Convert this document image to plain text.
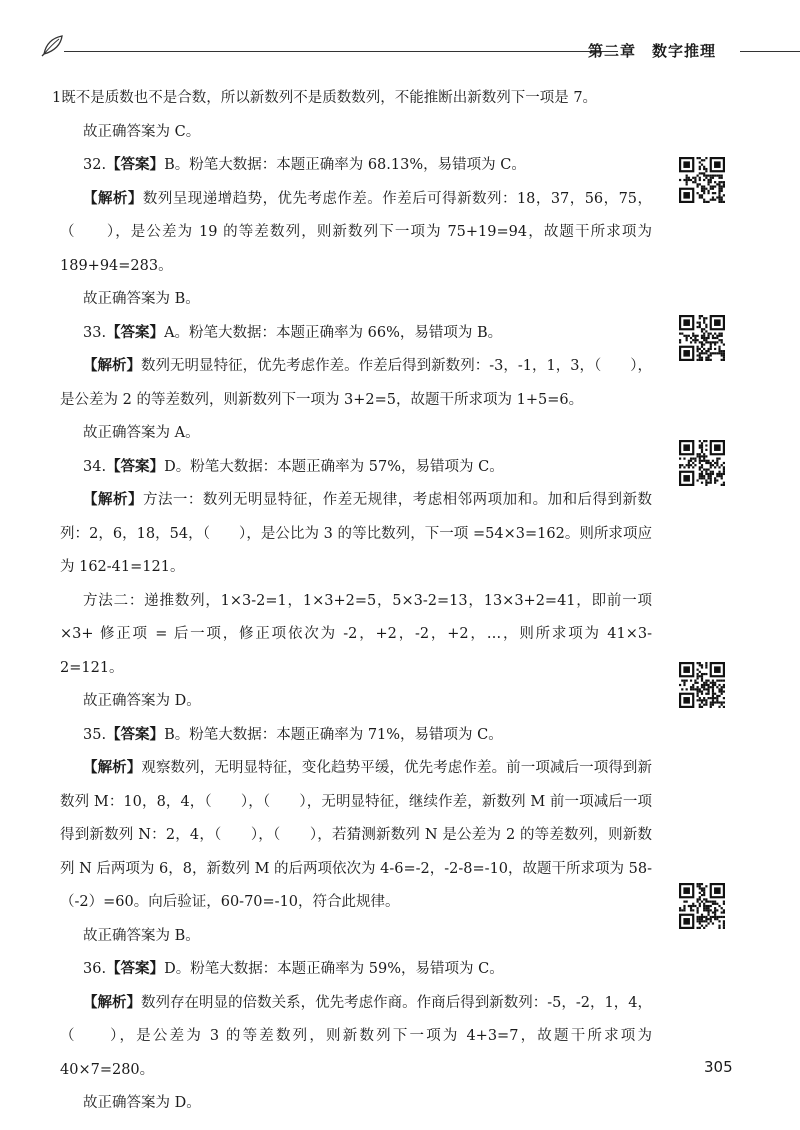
第二章　数字推理

1既不是质数也不是合数，所以新数列不是质数数列，不能推断出新数列下一项是 7。

故正确答案为 C。

32.【答案】B。粉笔大数据：本题正确率为 68.13%，易错项为 C。

【解析】数列呈现递增趋势，优先考虑作差。作差后可得新数列：18，37，56，75，（　　），是公差为 19 的等差数列，则新数列下一项为 75+19=94，故题干所求项为 189+94=283。

故正确答案为 B。

33.【答案】A。粉笔大数据：本题正确率为 66%，易错项为 B。

【解析】数列无明显特征，优先考虑作差。作差后得到新数列：-3，-1，1，3，（　　），是公差为 2 的等差数列，则新数列下一项为 3+2=5，故题干所求项为 1+5=6。

故正确答案为 A。

34.【答案】D。粉笔大数据：本题正确率为 57%，易错项为 C。

【解析】方法一：数列无明显特征，作差无规律，考虑相邻两项加和。加和后得到新数列：2，6，18，54，（　　），是公比为 3 的等比数列，下一项 =54×3=162。则所求项应为 162-41=121。

方法二：递推数列，1×3-2=1，1×3+2=5，5×3-2=13，13×3+2=41，即前一项 ×3+ 修正项 = 后一项，修正项依次为 -2，+2，-2，+2，…，则所求项为 41×3-2=121。

故正确答案为 D。

35.【答案】B。粉笔大数据：本题正确率为 71%，易错项为 C。

【解析】观察数列，无明显特征，变化趋势平缓，优先考虑作差。前一项减后一项得到新数列 M：10，8，4，（　　），（　　），无明显特征，继续作差，新数列 M 前一项减后一项得到新数列 N：2，4，（　　），（　　），若猜测新数列 N 是公差为 2 的等差数列，则新数列 N 后两项为 6，8，新数列 M 的后两项依次为 4-6=-2，-2-8=-10，故题干所求项为 58-（-2）=60。向后验证，60-70=-10，符合此规律。

故正确答案为 B。

36.【答案】D。粉笔大数据：本题正确率为 59%，易错项为 C。

【解析】数列存在明显的倍数关系，优先考虑作商。作商后得到新数列：-5，-2，1，4，（　　），是公差为 3 的等差数列，则新数列下一项为 4+3=7，故题干所求项为 40×7=280。

故正确答案为 D。

305
